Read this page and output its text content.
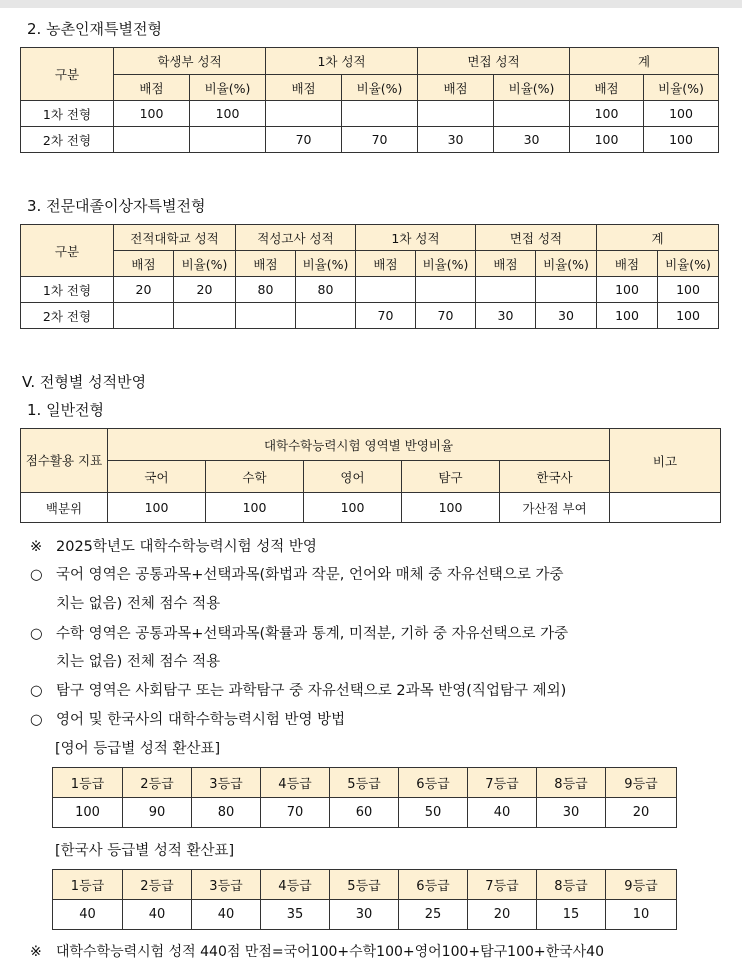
2. 농촌인재특별전형
구분	학생부 성적		1차 성적		면접 성적		계	
	배점	비율(%)	배점	비율(%)	배점	비율(%)	배점	비율(%)
1차 전형	100	100					100	100
2차 전형			70	70	30	30	100	100
3. 전문대졸이상자특별전형
구분	전적대학교 성적		적성고사 성적		1차 성적		면접 성적		계	
	배점	비율(%)	배점	비율(%)	배점	비율(%)	배점	비율(%)	배점	비율(%)
1차 전형	20	20	80	80					100	100
2차 전형					70	70	30	30	100	100
V. 전형별 성적반영
1. 일반전형
점수활용 지표	대학수학능력시험 영역별 반영비율					비고
	국어	수학	영어	탐구	한국사	
백분위	100	100	100	100	가산점 부여	
※ 2025학년도 대학수학능력시험 성적 반영
○ 국어 영역은 공통과목+선택과목(화법과 작문, 언어와 매체 중 자유선택으로 가중
치는 없음) 전체 점수 적용
○ 수학 영역은 공통과목+선택과목(확률과 통계, 미적분, 기하 중 자유선택으로 가중
치는 없음) 전체 점수 적용
○ 탐구 영역은 사회탐구 또는 과학탐구 중 자유선택으로 2과목 반영(직업탐구 제외)
○ 영어 및 한국사의 대학수학능력시험 반영 방법
[영어 등급별 성적 환산표]
1등급	2등급	3등급	4등급	5등급	6등급	7등급	8등급	9등급
100	90	80	70	60	50	40	30	20
[한국사 등급별 성적 환산표]
1등급	2등급	3등급	4등급	5등급	6등급	7등급	8등급	9등급
40	40	40	35	30	25	20	15	10
※ 대학수학능력시험 성적 440점 만점=국어100+수학100+영어100+탐구100+한국사40
